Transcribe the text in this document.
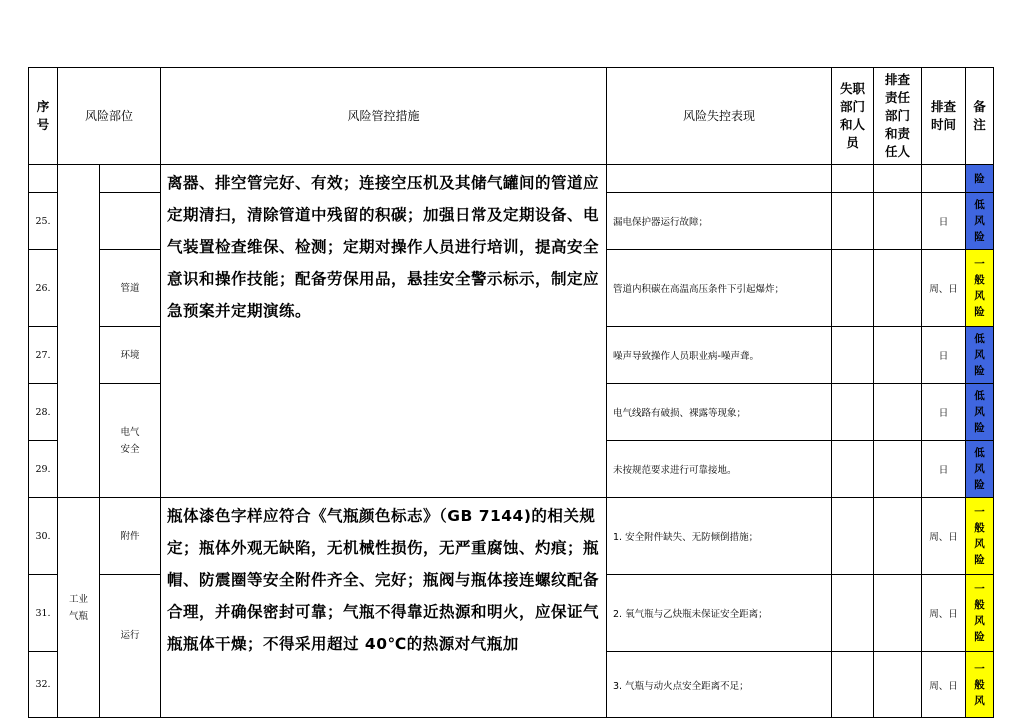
序
号	风险部位		风险管控措施	风险失控表现	失职
部门
和人
员	排查
责任
部门
和责
任人	排查
时间	备
注
			离器、排空管完好、有效；连接空压机及其储气罐间的管道应定期清扫，清除管道中残留的积碳；加强日常及定期设备、电气装置检查维保、检测；定期对操作人员进行培训，提高安全意识和操作技能；配备劳保用品，悬挂安全警示标示，制定应急预案并定期演练。					险
25.				漏电保护器运行故障；			日	低
风
险
26.		管道		管道内积碳在高温高压条件下引起爆炸；			周、日	一
般
风
险
27.		环境		噪声导致操作人员职业病-噪声聋。			日	低
风
险
28.		电气
安全		电气线路有破损、裸露等现象；			日	低
风
险
29.				未按规范要求进行可靠接地。			日	低
风
险
30.	工业
气瓶	附件	瓶体漆色字样应符合《气瓶颜色标志》（GB 7144)的相关规定；瓶体外观无缺陷，无机械性损伤，无严重腐蚀、灼痕；瓶帽、防震圈等安全附件齐全、完好；瓶阀与瓶体接连螺纹配备合理，并确保密封可靠；气瓶不得靠近热源和明火，应保证气瓶瓶体干燥；不得采用超过 40℃的热源对气瓶加	1. 安全附件缺失、无防倾倒措施；			周、日	一
般
风
险
31.		运行		2. 氧气瓶与乙炔瓶未保证安全距离；			周、日	一
般
风
险
32.				3. 气瓶与动火点安全距离不足；			周、日	一
般
风
